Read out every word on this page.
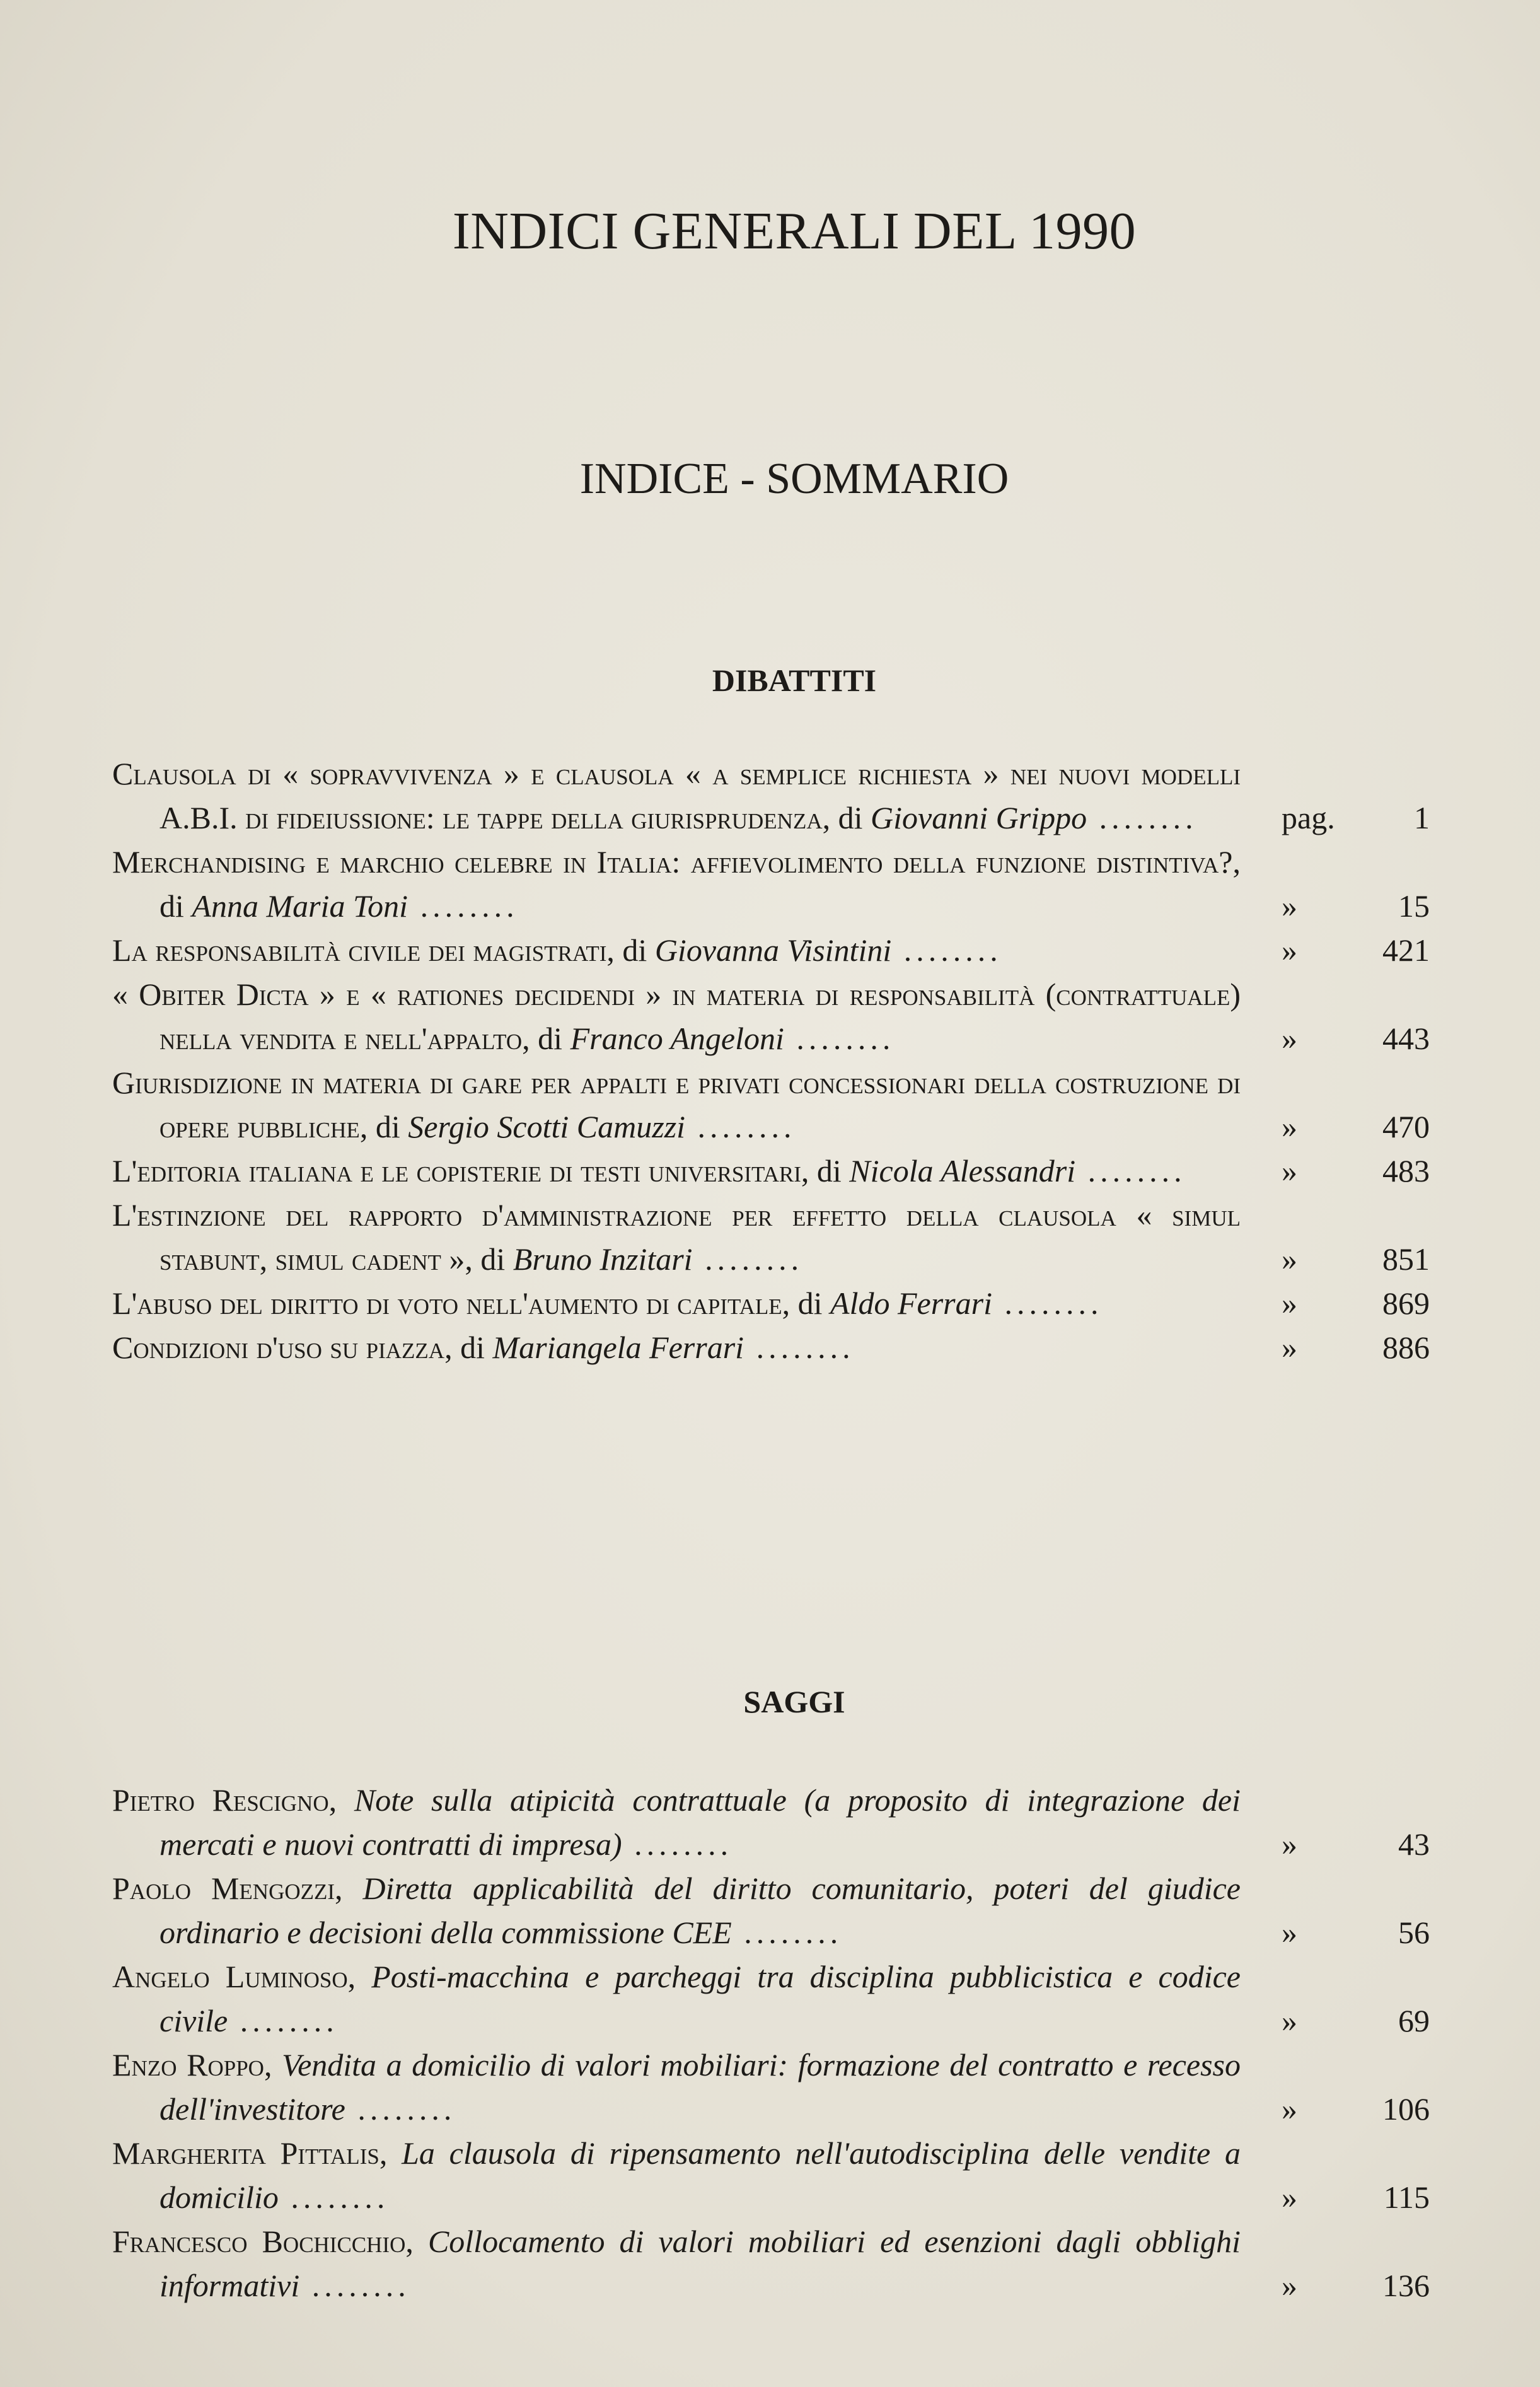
INDICI GENERALI DEL 1990
INDICE - SOMMARIO
DIBATTITI
Clausola di « sopravvivenza » e clausola « a semplice richiesta » nei nuovi modelli A.B.I. di fideiussione: le tappe della giurisprudenza, di Giovanni Grippo ........	pag.	1
Merchandising e marchio celebre in Italia: affievolimento della funzione distintiva?, di Anna Maria Toni ........	»	15
La responsabilità civile dei magistrati, di Giovanna Visintini ........	»	421
« Obiter Dicta » e « rationes decidendi » in materia di responsabilità (contrattuale) nella vendita e nell'appalto, di Franco Angeloni ........	»	443
Giurisdizione in materia di gare per appalti e privati concessionari della costruzione di opere pubbliche, di Sergio Scotti Camuzzi ........	»	470
L'editoria italiana e le copisterie di testi universitari, di Nicola Alessandri ........	»	483
L'estinzione del rapporto d'amministrazione per effetto della clausola « simul stabunt, simul cadent », di Bruno Inzitari ........	»	851
L'abuso del diritto di voto nell'aumento di capitale, di Aldo Ferrari ........	»	869
Condizioni d'uso su piazza, di Mariangela Ferrari ........	»	886
SAGGI
Pietro Rescigno, Note sulla atipicità contrattuale (a proposito di integrazione dei mercati e nuovi contratti di impresa) ........	»	43
Paolo Mengozzi, Diretta applicabilità del diritto comunitario, poteri del giudice ordinario e decisioni della commissione CEE ........	»	56
Angelo Luminoso, Posti-macchina e parcheggi tra disciplina pubblicistica e codice civile ........	»	69
Enzo Roppo, Vendita a domicilio di valori mobiliari: formazione del contratto e recesso dell'investitore ........	»	106
Margherita Pittalis, La clausola di ripensamento nell'autodisciplina delle vendite a domicilio ........	»	115
Francesco Bochicchio, Collocamento di valori mobiliari ed esenzioni dagli obblighi informativi ........	»	136
